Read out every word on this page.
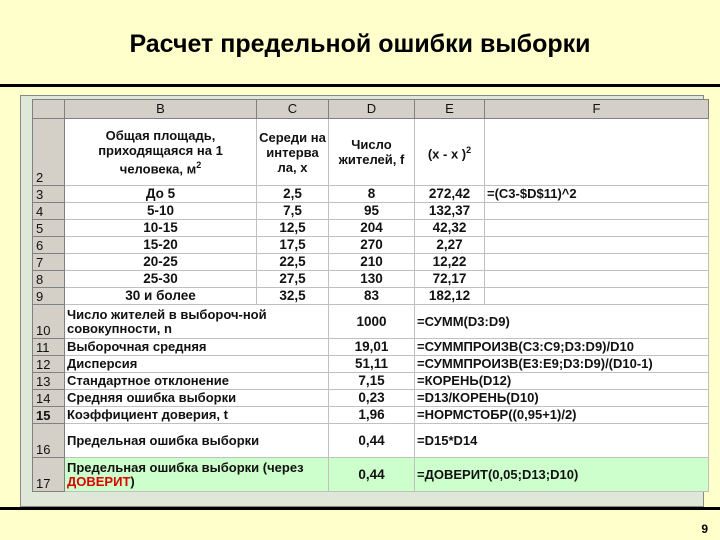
Расчет предельной ошибки выборки
	B	C	D	E	F
2	Общая площадь, приходящаяся на 1 человека, $м^2$	Середи на интерва ла, x	Число жителей, f	(x - x )$^2$	
3	До 5	2,5	8	272,42	=(C3-$D$11)^2
4	5-10	7,5	95	132,37	
5	10-15	12,5	204	42,32	
6	15-20	17,5	270	2,27	
7	20-25	22,5	210	12,22	
8	25-30	27,5	130	72,17	
9	30 и более	32,5	83	182,12	
10	Число жителей в выбороч-ной совокупности, n		1000	=СУММ(D3:D9)	
11	Выборочная средняя		19,01	=СУММПРОИЗВ(C3:C9;D3:D9)/D10	
12	Дисперсия		51,11	=СУММПРОИЗВ(E3:E9;D3:D9)/(D10-1)	
13	Стандартное отклонение		7,15	=КОРЕНЬ(D12)	
14	Средняя ошибка выборки		0,23	=D13/КОРЕНЬ(D10)	
15	Коэффициент доверия, t		1,96	=НОРМСТОБР((0,95+1)/2)	
16	Предельная ошибка выборки		0,44	=D15*D14	
17	Предельная ошибка выборки (через ДОВЕРИТ)		0,44	=ДОВЕРИТ(0,05;D13;D10)	
9
